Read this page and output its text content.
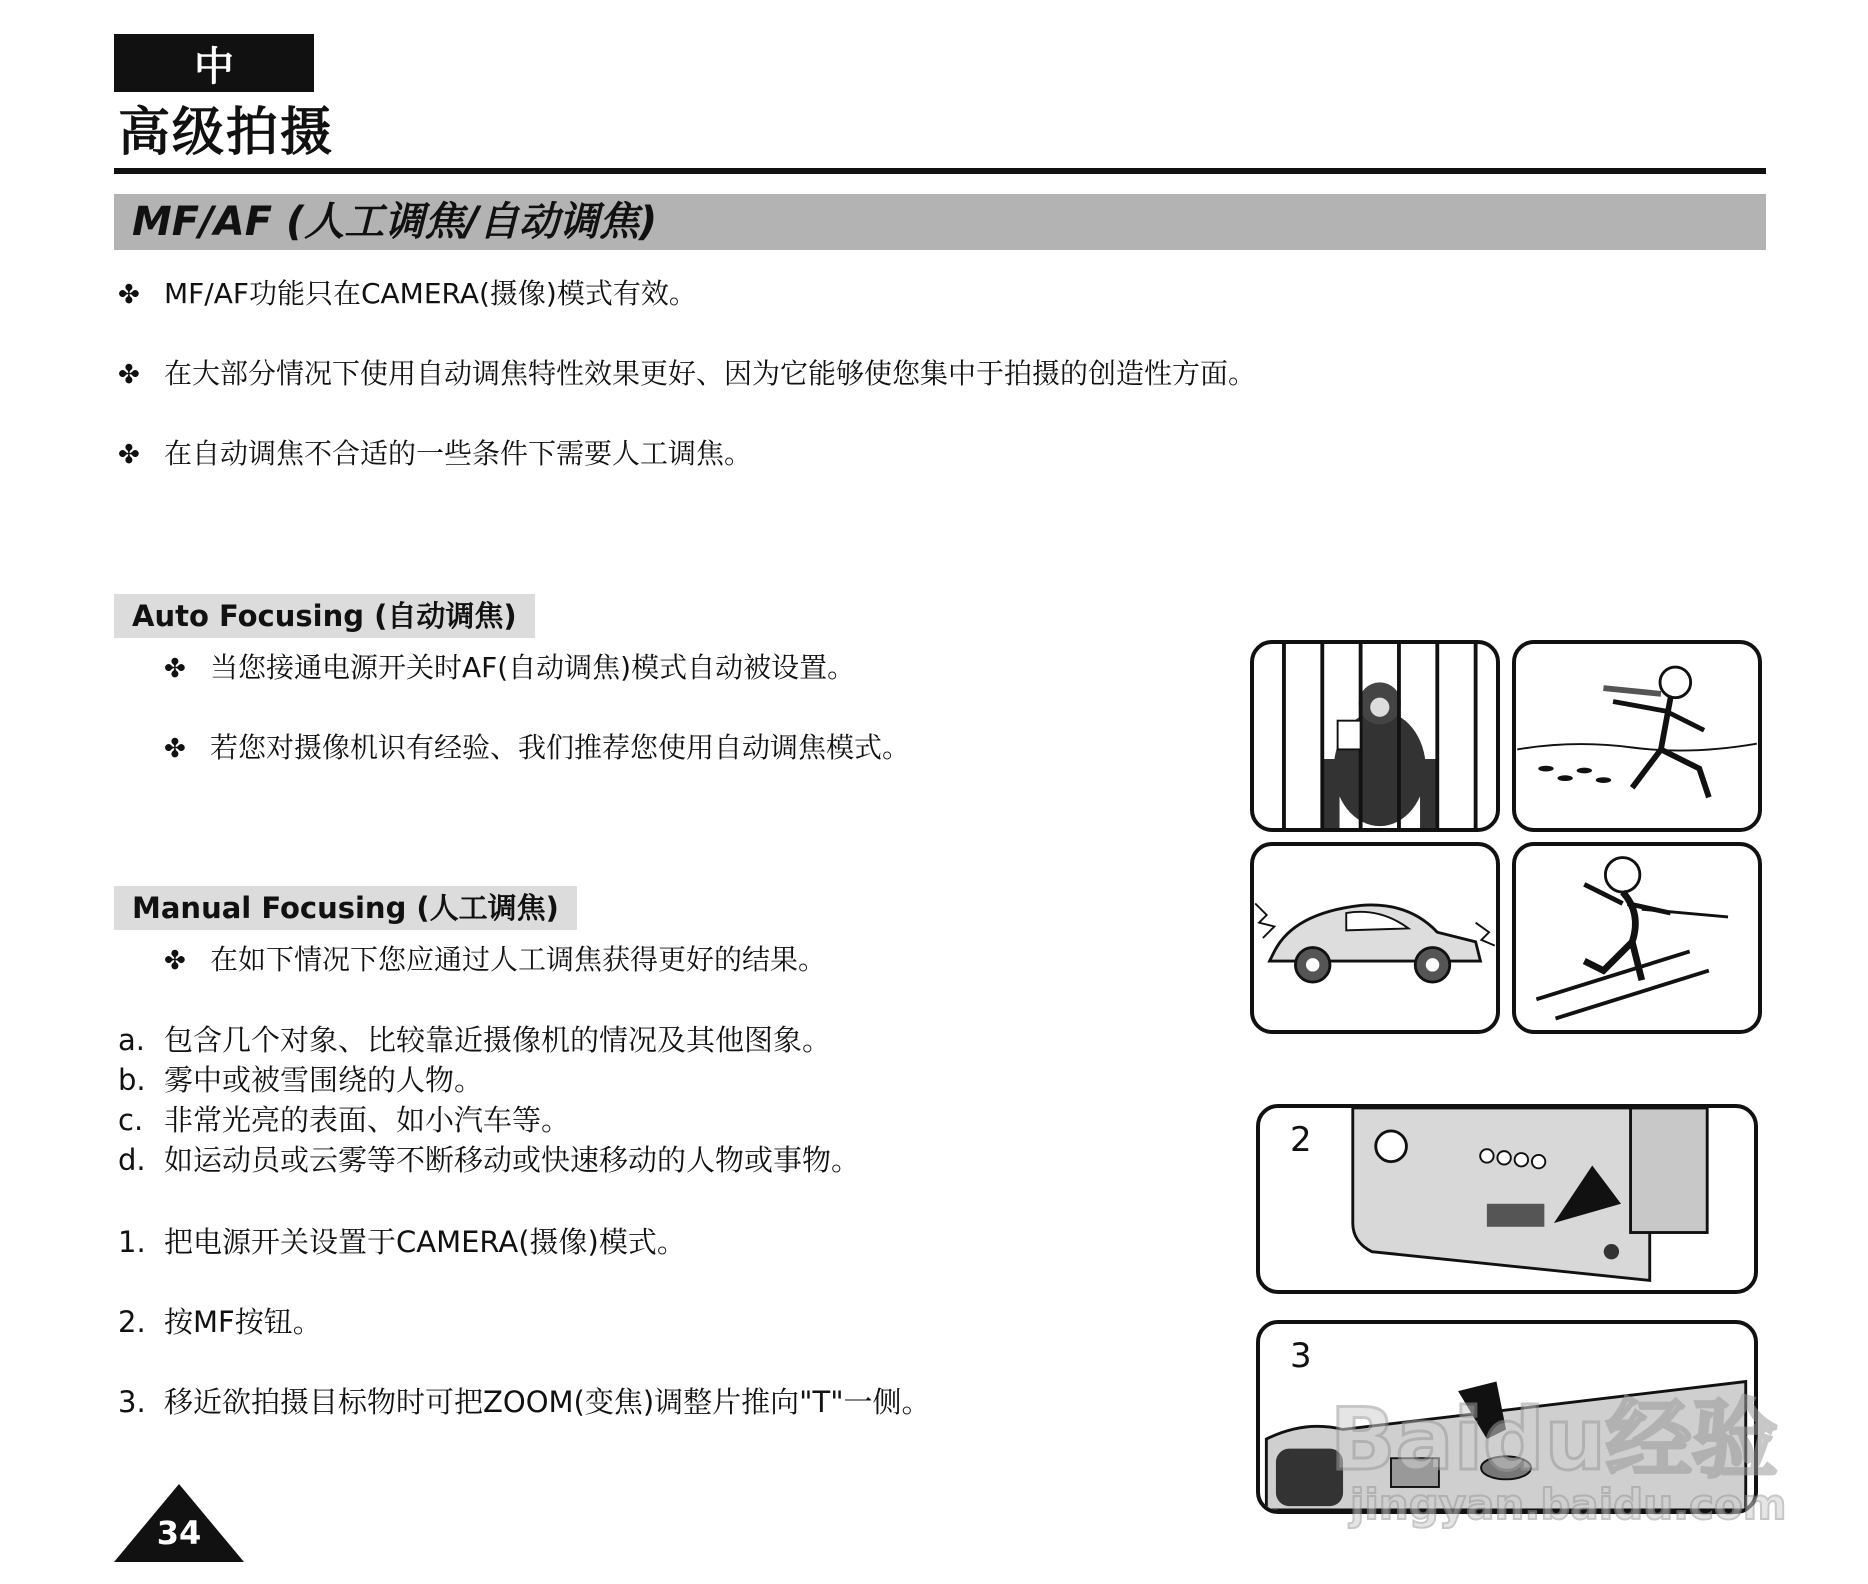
中
高级拍摄
MF/AF (人工调焦/自动调焦)
✤ MF/AF功能只在CAMERA(摄像)模式有效。
✤ 在大部分情况下使用自动调焦特性效果更好、因为它能够使您集中于拍摄的创造性方面。
✤ 在自动调焦不合适的一些条件下需要人工调焦。
Auto Focusing (自动调焦)
✤ 当您接通电源开关时AF(自动调焦)模式自动被设置。
✤ 若您对摄像机识有经验、我们推荐您使用自动调焦模式。
Manual Focusing (人工调焦)
✤ 在如下情况下您应通过人工调焦获得更好的结果。
a. 包含几个对象、比较靠近摄像机的情况及其他图象。
b. 雾中或被雪围绕的人物。
c. 非常光亮的表面、如小汽车等。
d. 如运动员或云雾等不断移动或快速移动的人物或事物。
1. 把电源开关设置于CAMERA(摄像)模式。
2. 按MF按钮。
3. 移近欲拍摄目标物时可把ZOOM(变焦)调整片推向"T"一侧。
2
3
34
Baidu经验
jingyan.baidu.com
